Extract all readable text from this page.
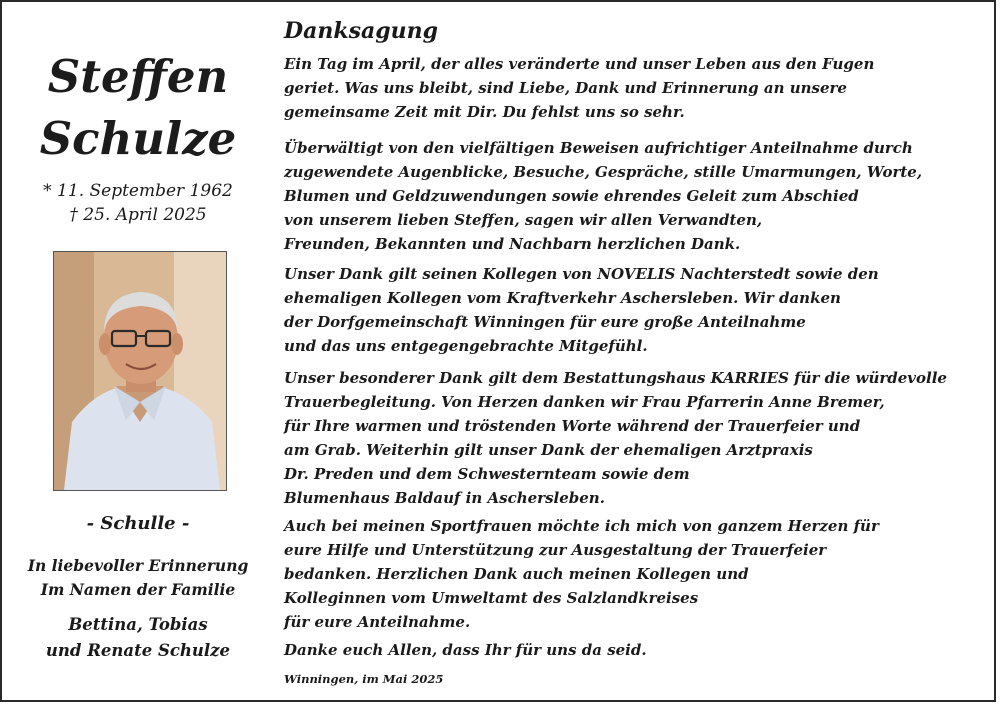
Steffen
Schulze
* 11. September 1962
† 25. April 2025
- Schulle -
In liebevoller Erinnerung
Im Namen der Familie
Bettina, Tobias
und Renate Schulze
Danksagung
Ein Tag im April, der alles veränderte und unser Leben aus den Fugen
geriet. Was uns bleibt, sind Liebe, Dank und Erinnerung an unsere
gemeinsame Zeit mit Dir. Du fehlst uns so sehr.
Überwältigt von den vielfältigen Beweisen aufrichtiger Anteilnahme durch
zugewendete Augenblicke, Besuche, Gespräche, stille Umarmungen, Worte,
Blumen und Geldzuwendungen sowie ehrendes Geleit zum Abschied
von unserem lieben Steffen, sagen wir allen Verwandten,
Freunden, Bekannten und Nachbarn herzlichen Dank.
Unser Dank gilt seinen Kollegen von NOVELIS Nachterstedt sowie den
ehemaligen Kollegen vom Kraftverkehr Aschersleben. Wir danken
der Dorfgemeinschaft Winningen für eure große Anteilnahme
und das uns entgegengebrachte Mitgefühl.
Unser besonderer Dank gilt dem Bestattungshaus KARRIES für die würdevolle
Trauerbegleitung. Von Herzen danken wir Frau Pfarrerin Anne Bremer,
für Ihre warmen und tröstenden Worte während der Trauerfeier und
am Grab. Weiterhin gilt unser Dank der ehemaligen Arztpraxis
Dr. Preden und dem Schwesternteam sowie dem
Blumenhaus Baldauf in Aschersleben.
Auch bei meinen Sportfrauen möchte ich mich von ganzem Herzen für
eure Hilfe und Unterstützung zur Ausgestaltung der Trauerfeier
bedanken. Herzlichen Dank auch meinen Kollegen und
Kolleginnen vom Umweltamt des Salzlandkreises
für eure Anteilnahme.
Danke euch Allen, dass Ihr für uns da seid.
Winningen, im Mai 2025
